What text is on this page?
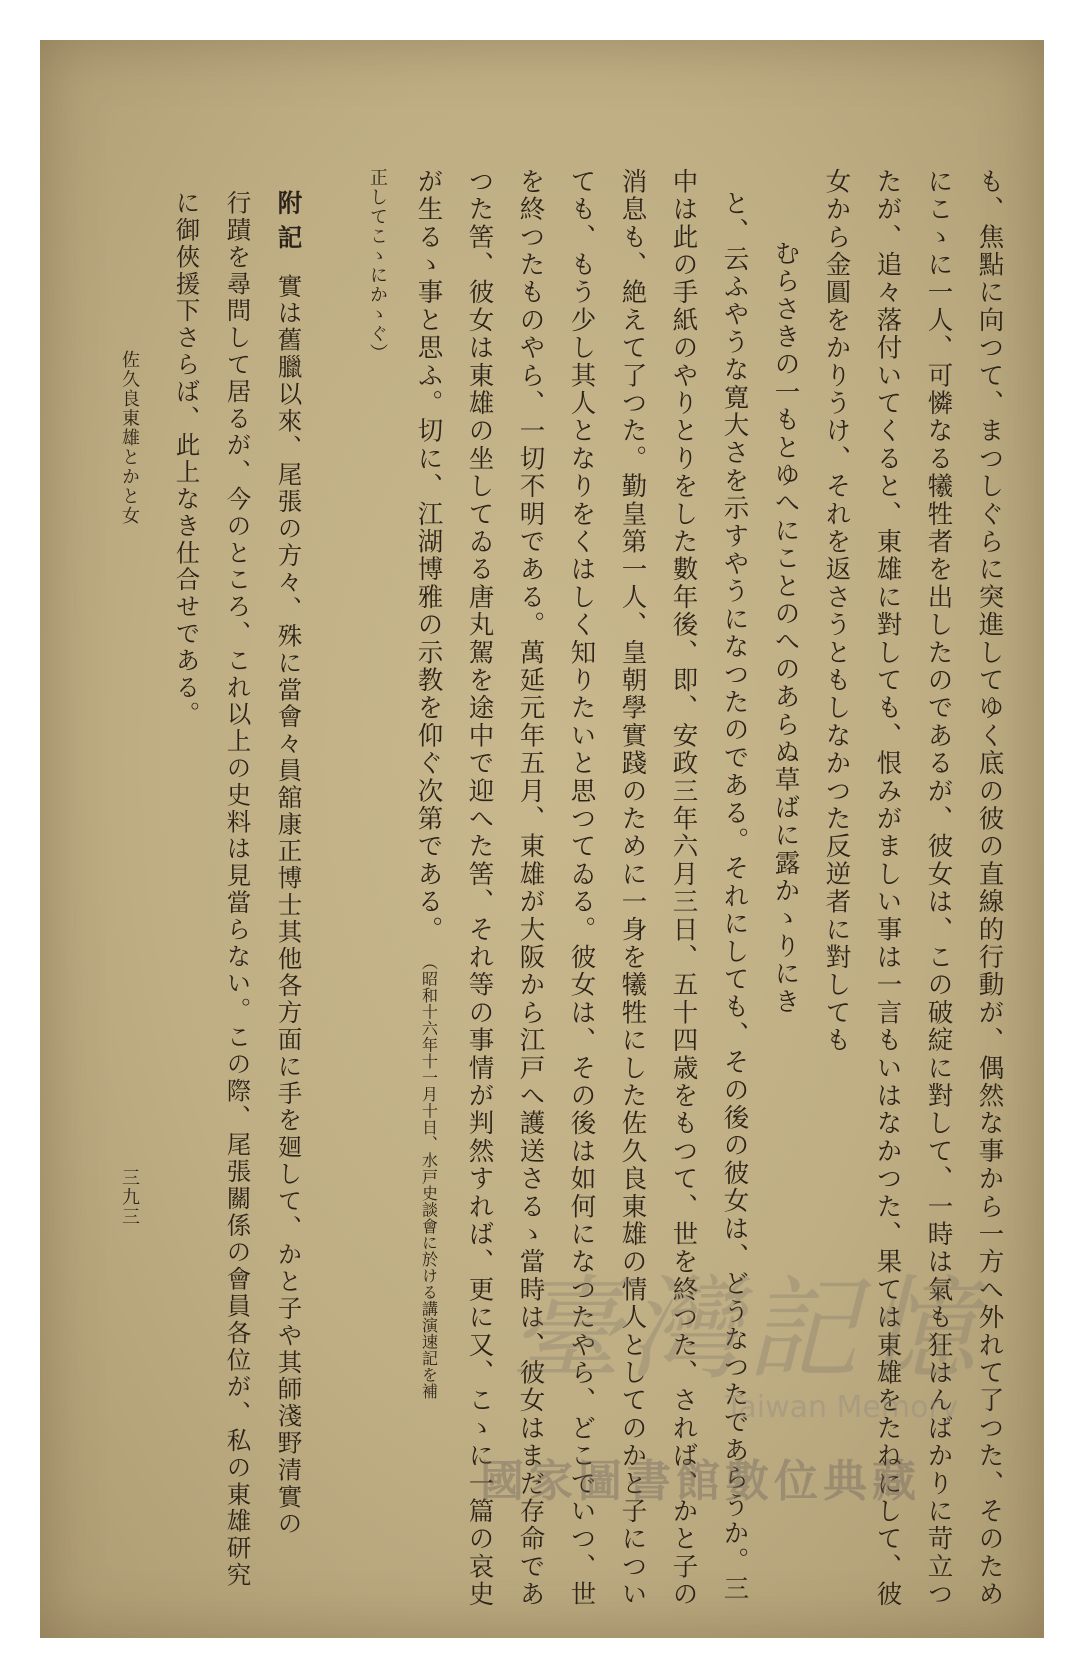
も、焦點に向つて、まつしぐらに突進してゆく底の彼の直線的行動が、偶然な事から一方へ外れて了つた、そのため
にこゝに一人、可憐なる犧牲者を出したのであるが、彼女は、この破綻に對して、一時は氣も狂はんばかりに苛立つ
たが、追々落付いてくると、東雄に對しても、恨みがましい事は一言もいはなかつた、果ては東雄をたねにして、彼
女から金圓をかりうけ、それを返さうともしなかつた反逆者に對しても
むらさきの一もとゆへにことのへのあらぬ草ばに露かゝりにき
と、云ふやうな寛大さを示すやうになつたのである。それにしても、その後の彼女は、どうなつたであらうか。三
中は此の手紙のやりとりをした數年後、即、安政三年六月三日、五十四歳をもつて、世を終つた、されば、かと子の
消息も、絶えて了つた。勤皇第一人、皇朝學實踐のために一身を犧牲にした佐久良東雄の情人としてのかと子につい
ても、もう少し其人となりをくはしく知りたいと思つてゐる。彼女は、その後は如何になつたやら、どこでいつ、世
を終つたものやら、一切不明である。萬延元年五月、東雄が大阪から江戸へ護送さるゝ當時は、彼女はまだ存命であ
つた筈、彼女は東雄の坐してゐる唐丸駕を途中で迎へた筈、それ等の事情が判然すれば、更に又、こゝに一篇の哀史
が生るゝ事と思ふ。切に、江湖博雅の示教を仰ぐ次第である。 （昭和十六年十一月十日、水戸史談會に於ける講演速記を補
正してこゝにかゝぐ）
附記 實は舊臘以來、尾張の方々、殊に當會々員舘康正博士其他各方面に手を廻して、かと子や其師淺野清實の
行蹟を尋問して居るが、今のところ、これ以上の史料は見當らない。この際、尾張關係の會員各位が、私の東雄研究
に御俠援下さらば、此上なき仕合せである。
佐久良東雄とかと女
三九三
臺灣記憶
Taiwan Memory
國家圖書館數位典藏
